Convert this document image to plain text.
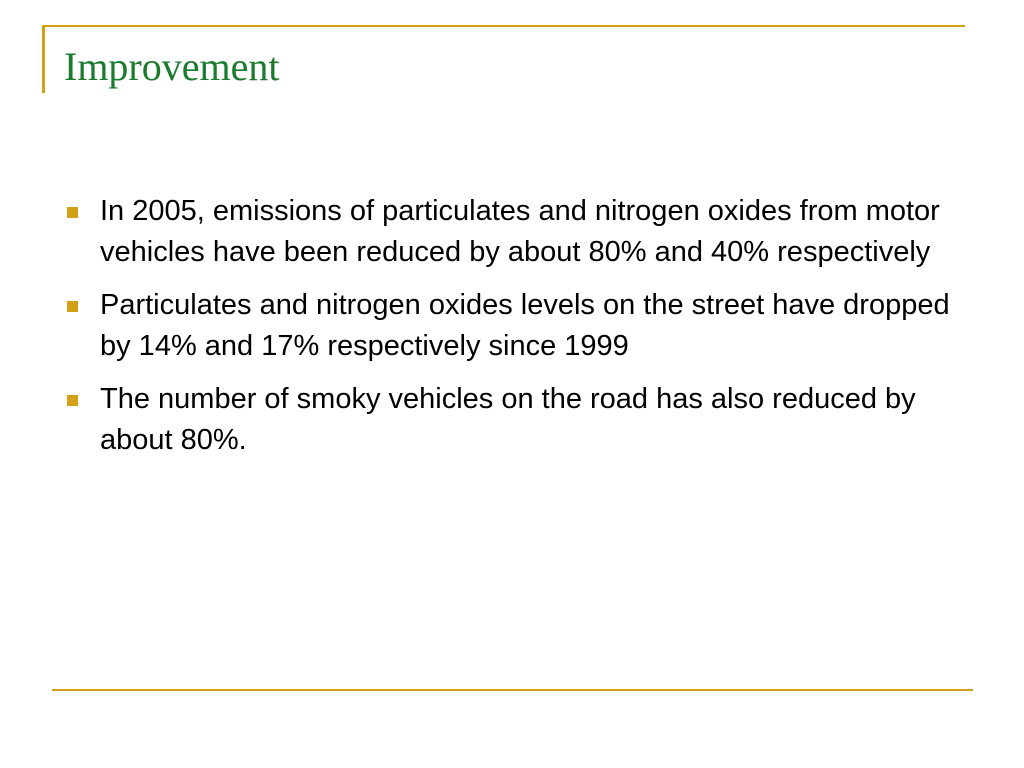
Improvement
In 2005, emissions of particulates and nitrogen oxides from motor vehicles have been reduced by about 80% and 40% respectively
Particulates and nitrogen oxides levels on the street have dropped by 14% and 17% respectively since 1999
The number of smoky vehicles on the road has also reduced by about 80%.
